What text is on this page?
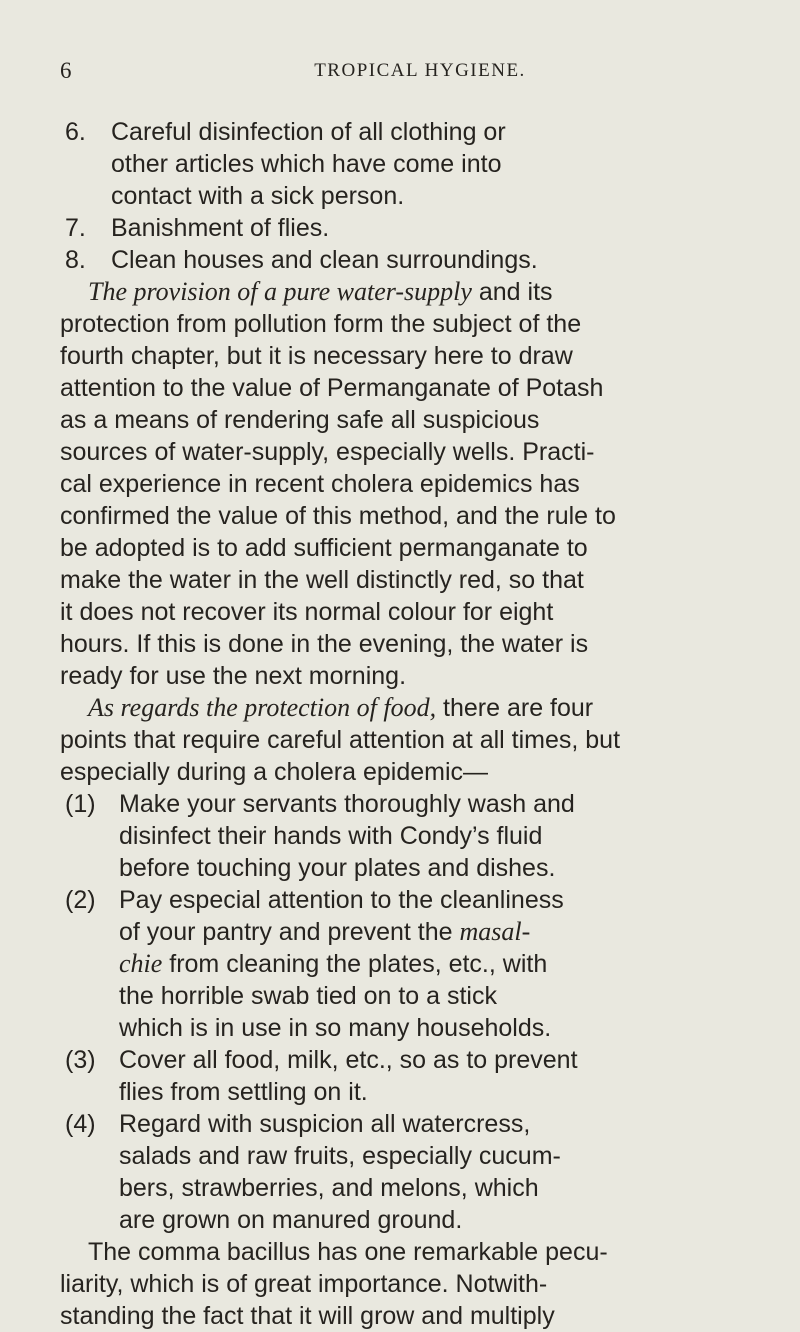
6	TROPICAL HYGIENE.
6.	Careful disinfection of all clothing or
other articles which have come into
contact with a sick person.
7.	Banishment of flies.
8.	Clean houses and clean surroundings.
The provision of a pure water-supply and its
protection from pollution form the subject of the
fourth chapter, but it is necessary here to draw
attention to the value of Permanganate of Potash
as a means of rendering safe all suspicious
sources of water-supply, especially wells. Practi-
cal experience in recent cholera epidemics has
confirmed the value of this method, and the rule to
be adopted is to add sufficient permanganate to
make the water in the well distinctly red, so that
it does not recover its normal colour for eight
hours. If this is done in the evening, the water is
ready for use the next morning.
As regards the protection of food, there are four
points that require careful attention at all times, but
especially during a cholera epidemic—
(1) Make your servants thoroughly wash and
disinfect their hands with Condy’s fluid
before touching your plates and dishes.
(2) Pay especial attention to the cleanliness
of your pantry and prevent the masal-
chie from cleaning the plates, etc., with
the horrible swab tied on to a stick
which is in use in so many households.
(3) Cover all food, milk, etc., so as to prevent
flies from settling on it.
(4) Regard with suspicion all watercress,
salads and raw fruits, especially cucum-
bers, strawberries, and melons, which
are grown on manured ground.
The comma bacillus has one remarkable pecu-
liarity, which is of great importance. Notwith-
standing the fact that it will grow and multiply
